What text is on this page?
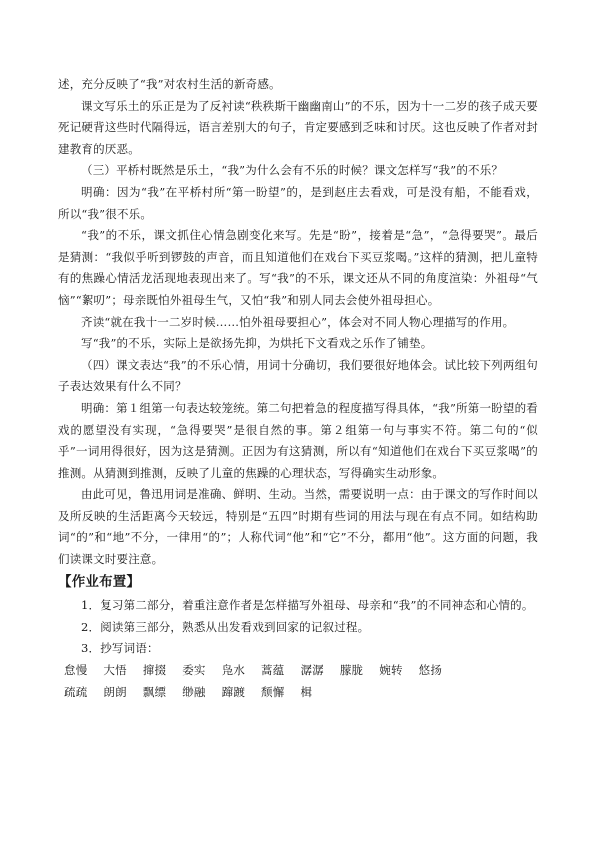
述，充分反映了“我”对农村生活的新奇感。

课文写乐土的乐正是为了反衬读“秩秩斯干幽幽南山”的不乐，因为十一二岁的孩子成天要死记硬背这些时代隔得远，语言差别大的句子，肯定要感到乏味和讨厌。这也反映了作者对封建教育的厌恶。

（三）平桥村既然是乐土，“我”为什么会有不乐的时候？课文怎样写“我”的不乐？

明确：因为“我”在平桥村所“第一盼望”的，是到赵庄去看戏，可是没有船，不能看戏，所以“我”很不乐。

“我”的不乐，课文抓住心情急剧变化来写。先是“盼”，接着是“急”，“急得要哭”。最后是猜测：“我似乎听到锣鼓的声音，而且知道他们在戏台下买豆浆喝。”这样的猜测，把儿童特有的焦躁心情活龙活现地表现出来了。写“我”的不乐，课文还从不同的角度渲染：外祖母“气恼”“絮叨”；母亲既怕外祖母生气，又怕“我”和别人同去会使外祖母担心。

齐读“就在我十一二岁时候……怕外祖母要担心”，体会对不同人物心理描写的作用。

写“我”的不乐，实际上是欲扬先抑，为烘托下文看戏之乐作了铺垫。

（四）课文表达“我”的不乐心情，用词十分确切，我们要很好地体会。试比较下列两组句子表达效果有什么不同？

明确：第１组第一句表达较笼统。第二句把着急的程度描写得具体，“我”所第一盼望的看戏的愿望没有实现，“急得要哭”是很自然的事。第２组第一句与事实不符。第二句的“似乎”一词用得很好，因为这是猜测。正因为有这猜测，所以有“知道他们在戏台下买豆浆喝”的推测。从猜测到推测，反映了儿童的焦躁的心理状态，写得确实生动形象。

由此可见，鲁迅用词是准确、鲜明、生动。当然，需要说明一点：由于课文的写作时间以及所反映的生活距离今天较远，特别是“五四”时期有些词的用法与现在有点不同。如结构助词“的”和“地”不分，一律用“的”；人称代词“他”和“它”不分，都用“他”。这方面的问题，我们读课文时要注意。

【作业布置】

1．复习第二部分，着重注意作者是怎样描写外祖母、母亲和“我”的不同神态和心情的。

2．阅读第三部分，熟悉从出发看戏到回家的记叙过程。

3．抄写词语：

怠慢 大悟 撺掇 委实 凫水 蒿蕴 潺潺 朦胧 婉转 悠扬
疏疏 朗朗 飘缥 缈融 蹿踱 颓懈 楫
